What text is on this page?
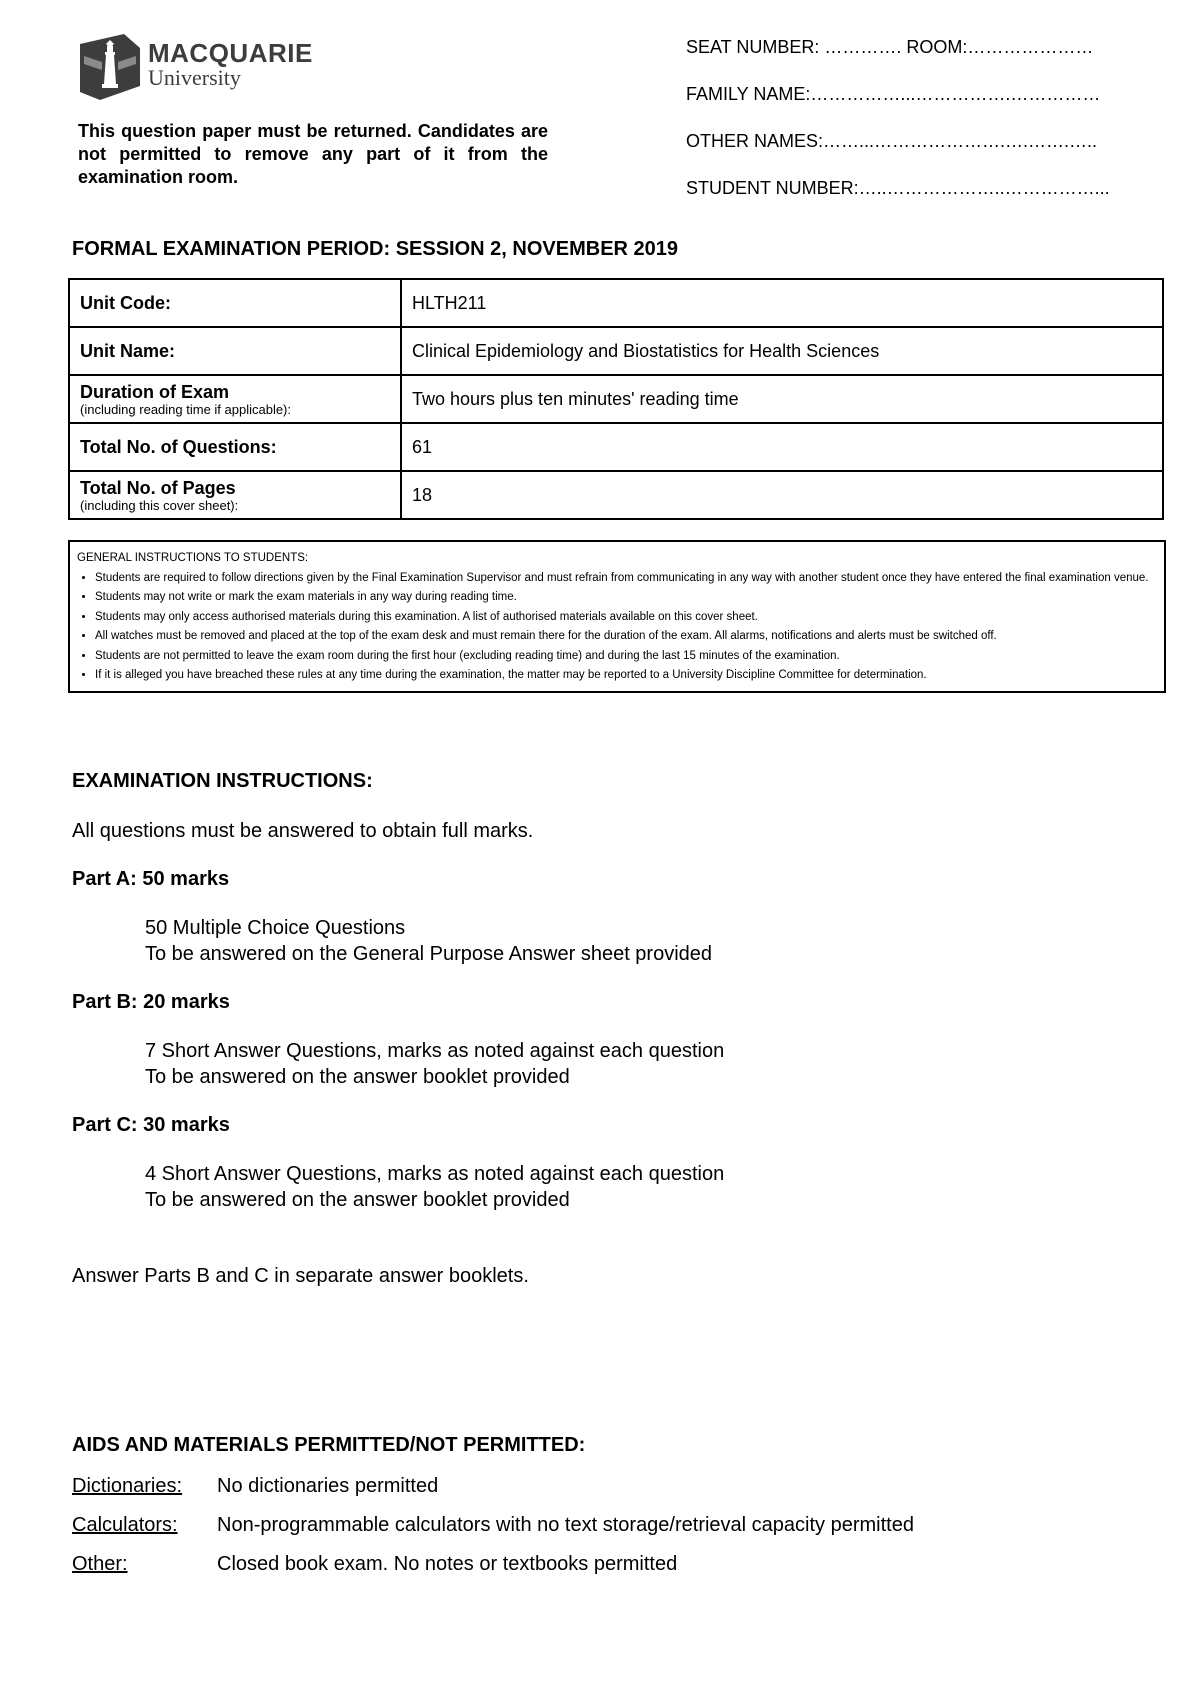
MACQUARIE
University
This question paper must be returned. Candidates are not permitted to remove any part of it from the examination room.
SEAT NUMBER: …………. ROOM:…………………
FAMILY NAME:……………...…………….……………
OTHER NAMES:……...………………….….…….…..
STUDENT NUMBER:…..………………..……………...
FORMAL EXAMINATION PERIOD: SESSION 2, NOVEMBER 2019
Unit Code:	HLTH211
Unit Name:	Clinical Epidemiology and Biostatistics for Health Sciences

Duration of Exam
(including reading time if applicable):	Two hours plus ten minutes' reading time
Total No. of Questions:	61

Total No. of Pages
(including this cover sheet):	18
GENERAL INSTRUCTIONS TO STUDENTS:
• Students are required to follow directions given by the Final Examination Supervisor and must refrain from communicating in any way with another student once they have entered the final examination venue.
• Students may not write or mark the exam materials in any way during reading time.
• Students may only access authorised materials during this examination. A list of authorised materials available on this cover sheet.
• All watches must be removed and placed at the top of the exam desk and must remain there for the duration of the exam. All alarms, notifications and alerts must be switched off.
• Students are not permitted to leave the exam room during the first hour (excluding reading time) and during the last 15 minutes of the examination.
• If it is alleged you have breached these rules at any time during the examination, the matter may be reported to a University Discipline Committee for determination.
EXAMINATION INSTRUCTIONS:

All questions must be answered to obtain full marks.

Part A: 50 marks
50 Multiple Choice Questions
To be answered on the General Purpose Answer sheet provided
Part B: 20 marks
7 Short Answer Questions, marks as noted against each question
To be answered on the answer booklet provided
Part C: 30 marks
4 Short Answer Questions, marks as noted against each question
To be answered on the answer booklet provided

Answer Parts B and C in separate answer booklets.

AIDS AND MATERIALS PERMITTED/NOT PERMITTED:
Dictionaries:	No dictionaries permitted
Calculators:	Non-programmable calculators with no text storage/retrieval capacity permitted
Other:	Closed book exam. No notes or textbooks permitted
